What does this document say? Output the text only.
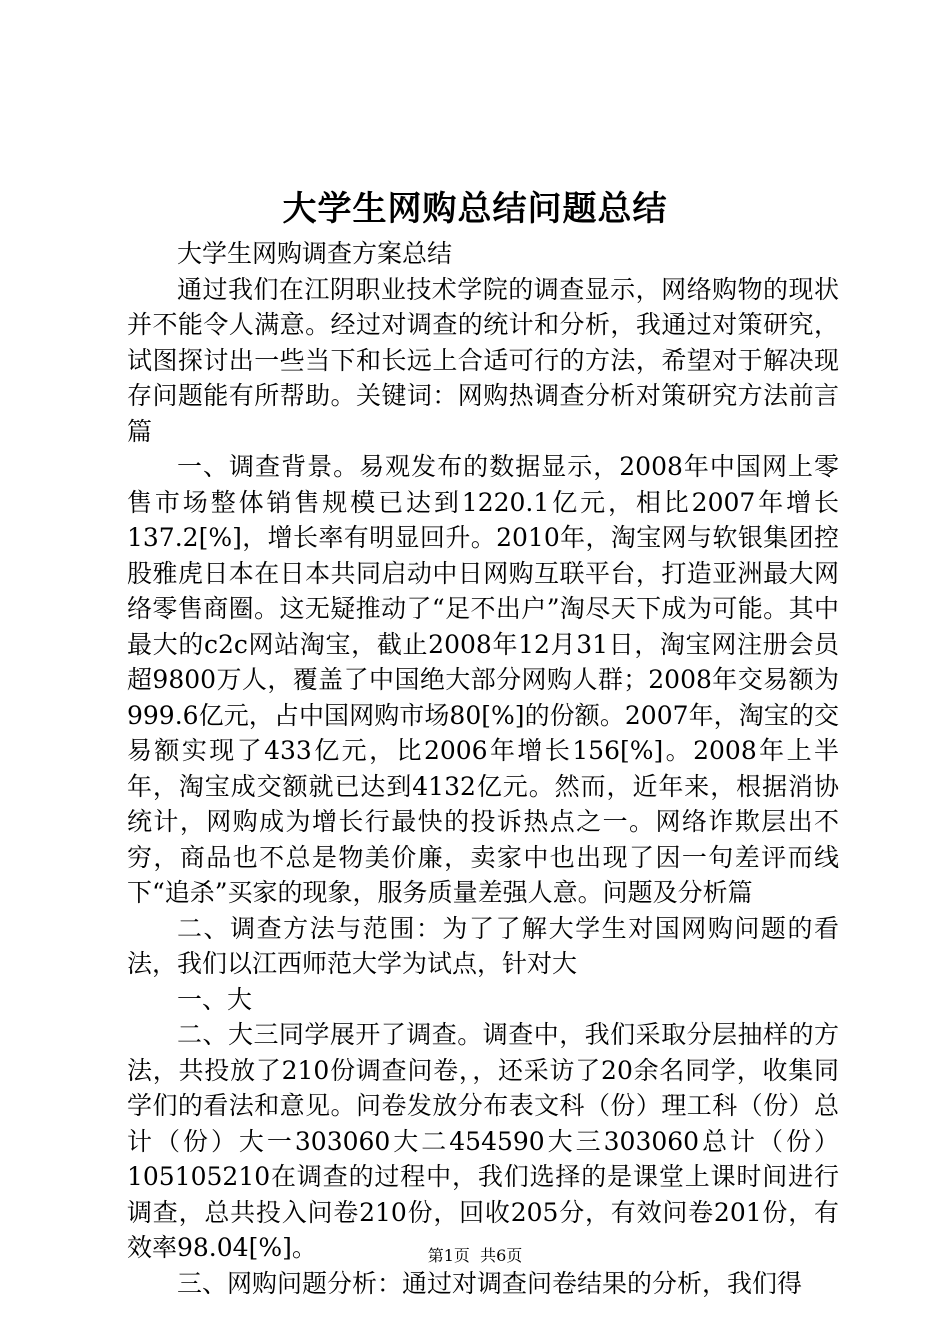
大学生网购总结问题总结

大学生网购调查方案总结

通过我们在江阴职业技术学院的调查显示，网络购物的现状并不能令人满意。经过对调查的统计和分析，我通过对策研究，试图探讨出一些当下和长远上合适可行的方法，希望对于解决现存问题能有所帮助。关键词：网购热调查分析对策研究方法前言篇

一、调查背景。易观发布的数据显示，2008年中国网上零售市场整体销售规模已达到1220.1亿元，相比2007年增长137.2[%]，增长率有明显回升。2010年，淘宝网与软银集团控股雅虎日本在日本共同启动中日网购互联平台，打造亚洲最大网络零售商圈。这无疑推动了“足不出户”淘尽天下成为可能。其中最大的c2c网站淘宝，截止2008年12月31日，淘宝网注册会员超9800万人，覆盖了中国绝大部分网购人群；2008年交易额为999.6亿元，占中国网购市场80[%]的份额。2007年，淘宝的交易额实现了433亿元，比2006年增长156[%]。2008年上半年，淘宝成交额就已达到4132亿元。然而，近年来，根据消协统计，网购成为增长行最快的投诉热点之一。网络诈欺层出不穷，商品也不总是物美价廉，卖家中也出现了因一句差评而线下“追杀”买家的现象，服务质量差强人意。问题及分析篇

二、调查方法与范围：为了了解大学生对国网购问题的看法，我们以江西师范大学为试点，针对大

一、大

二、大三同学展开了调查。调查中，我们采取分层抽样的方法，共投放了210份调查问卷，，还采访了20余名同学，收集同学们的看法和意见。问卷发放分布表文科（份）理工科（份）总计（份）大一303060大二454590大三303060总计（份）105105210在调查的过程中，我们选择的是课堂上课时间进行调查，总共投入问卷210份，回收205分，有效问卷201份，有效率98.04[%]。

三、网购问题分析：通过对调查问卷结果的分析，我们得

第1页 共6页
